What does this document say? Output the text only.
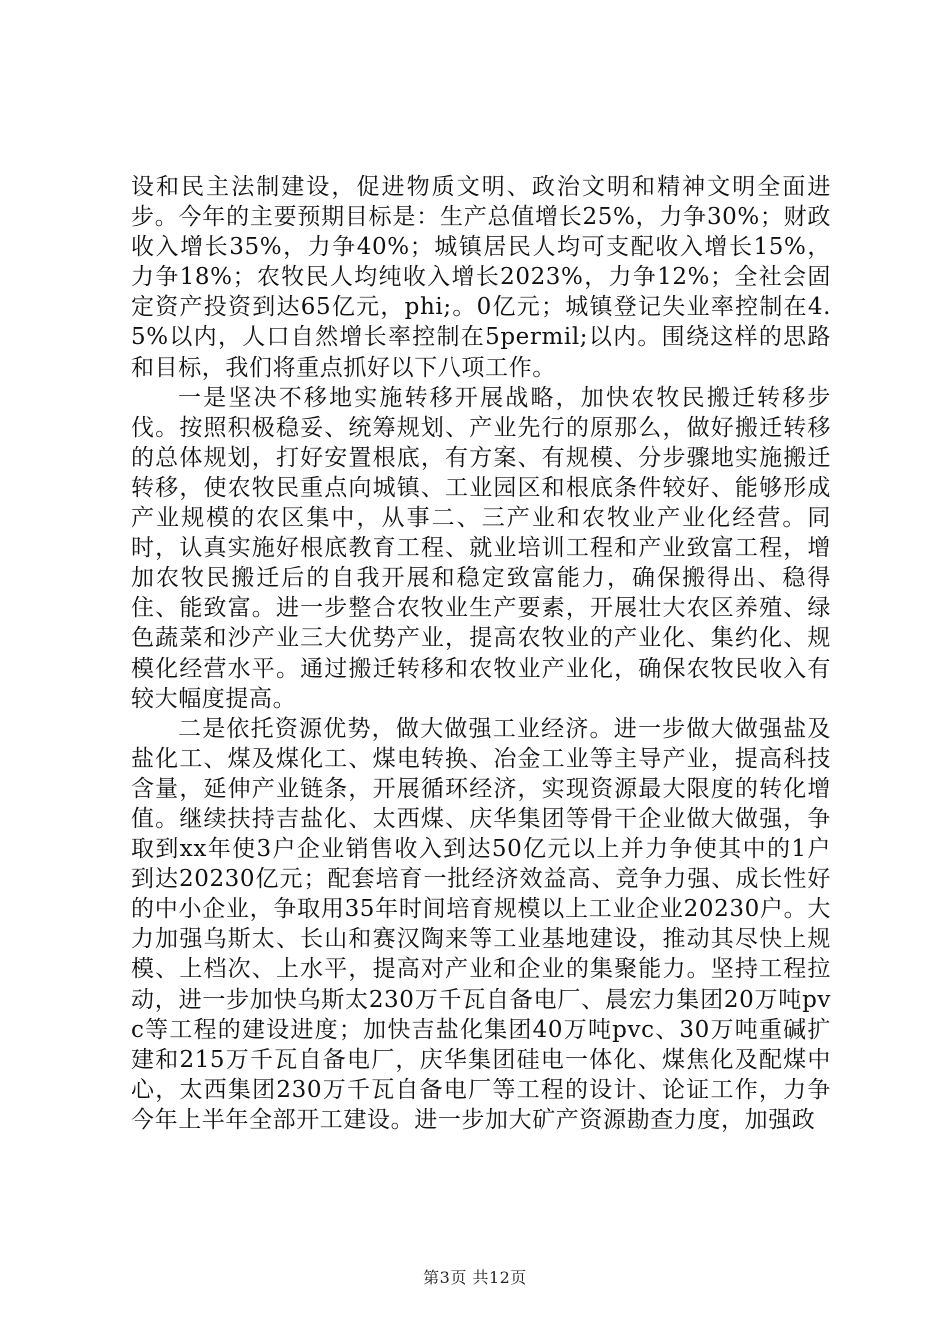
设和民主法制建设，促进物质文明、政治文明和精神文明全面进步。今年的主要预期目标是：生产总值增长25%，力争30%；财政收入增长35%，力争40%；城镇居民人均可支配收入增长15%，力争18%；农牧民人均纯收入增长2023%，力争12%；全社会固定资产投资到达65亿元，phi;。0亿元；城镇登记失业率控制在4.5%以内，人口自然增长率控制在5permil;以内。围绕这样的思路和目标，我们将重点抓好以下八项工作。

一是坚决不移地实施转移开展战略，加快农牧民搬迁转移步伐。按照积极稳妥、统筹规划、产业先行的原那么，做好搬迁转移的总体规划，打好安置根底，有方案、有规模、分步骤地实施搬迁转移，使农牧民重点向城镇、工业园区和根底条件较好、能够形成产业规模的农区集中，从事二、三产业和农牧业产业化经营。同时，认真实施好根底教育工程、就业培训工程和产业致富工程，增加农牧民搬迁后的自我开展和稳定致富能力，确保搬得出、稳得住、能致富。进一步整合农牧业生产要素，开展壮大农区养殖、绿色蔬菜和沙产业三大优势产业，提高农牧业的产业化、集约化、规模化经营水平。通过搬迁转移和农牧业产业化，确保农牧民收入有较大幅度提高。

二是依托资源优势，做大做强工业经济。进一步做大做强盐及盐化工、煤及煤化工、煤电转换、冶金工业等主导产业，提高科技含量，延伸产业链条，开展循环经济，实现资源最大限度的转化增值。继续扶持吉盐化、太西煤、庆华集团等骨干企业做大做强，争取到xx年使3户企业销售收入到达50亿元以上并力争使其中的1户到达20230亿元；配套培育一批经济效益高、竞争力强、成长性好的中小企业，争取用35年时间培育规模以上工业企业20230户。大力加强乌斯太、长山和赛汉陶来等工业基地建设，推动其尽快上规模、上档次、上水平，提高对产业和企业的集聚能力。坚持工程拉动，进一步加快乌斯太230万千瓦自备电厂、晨宏力集团20万吨pvc等工程的建设进度；加快吉盐化集团40万吨pvc、30万吨重碱扩建和215万千瓦自备电厂，庆华集团硅电一体化、煤焦化及配煤中心，太西集团230万千瓦自备电厂等工程的设计、论证工作，力争今年上半年全部开工建设。进一步加大矿产资源勘查力度，加强政

第3页 共12页
